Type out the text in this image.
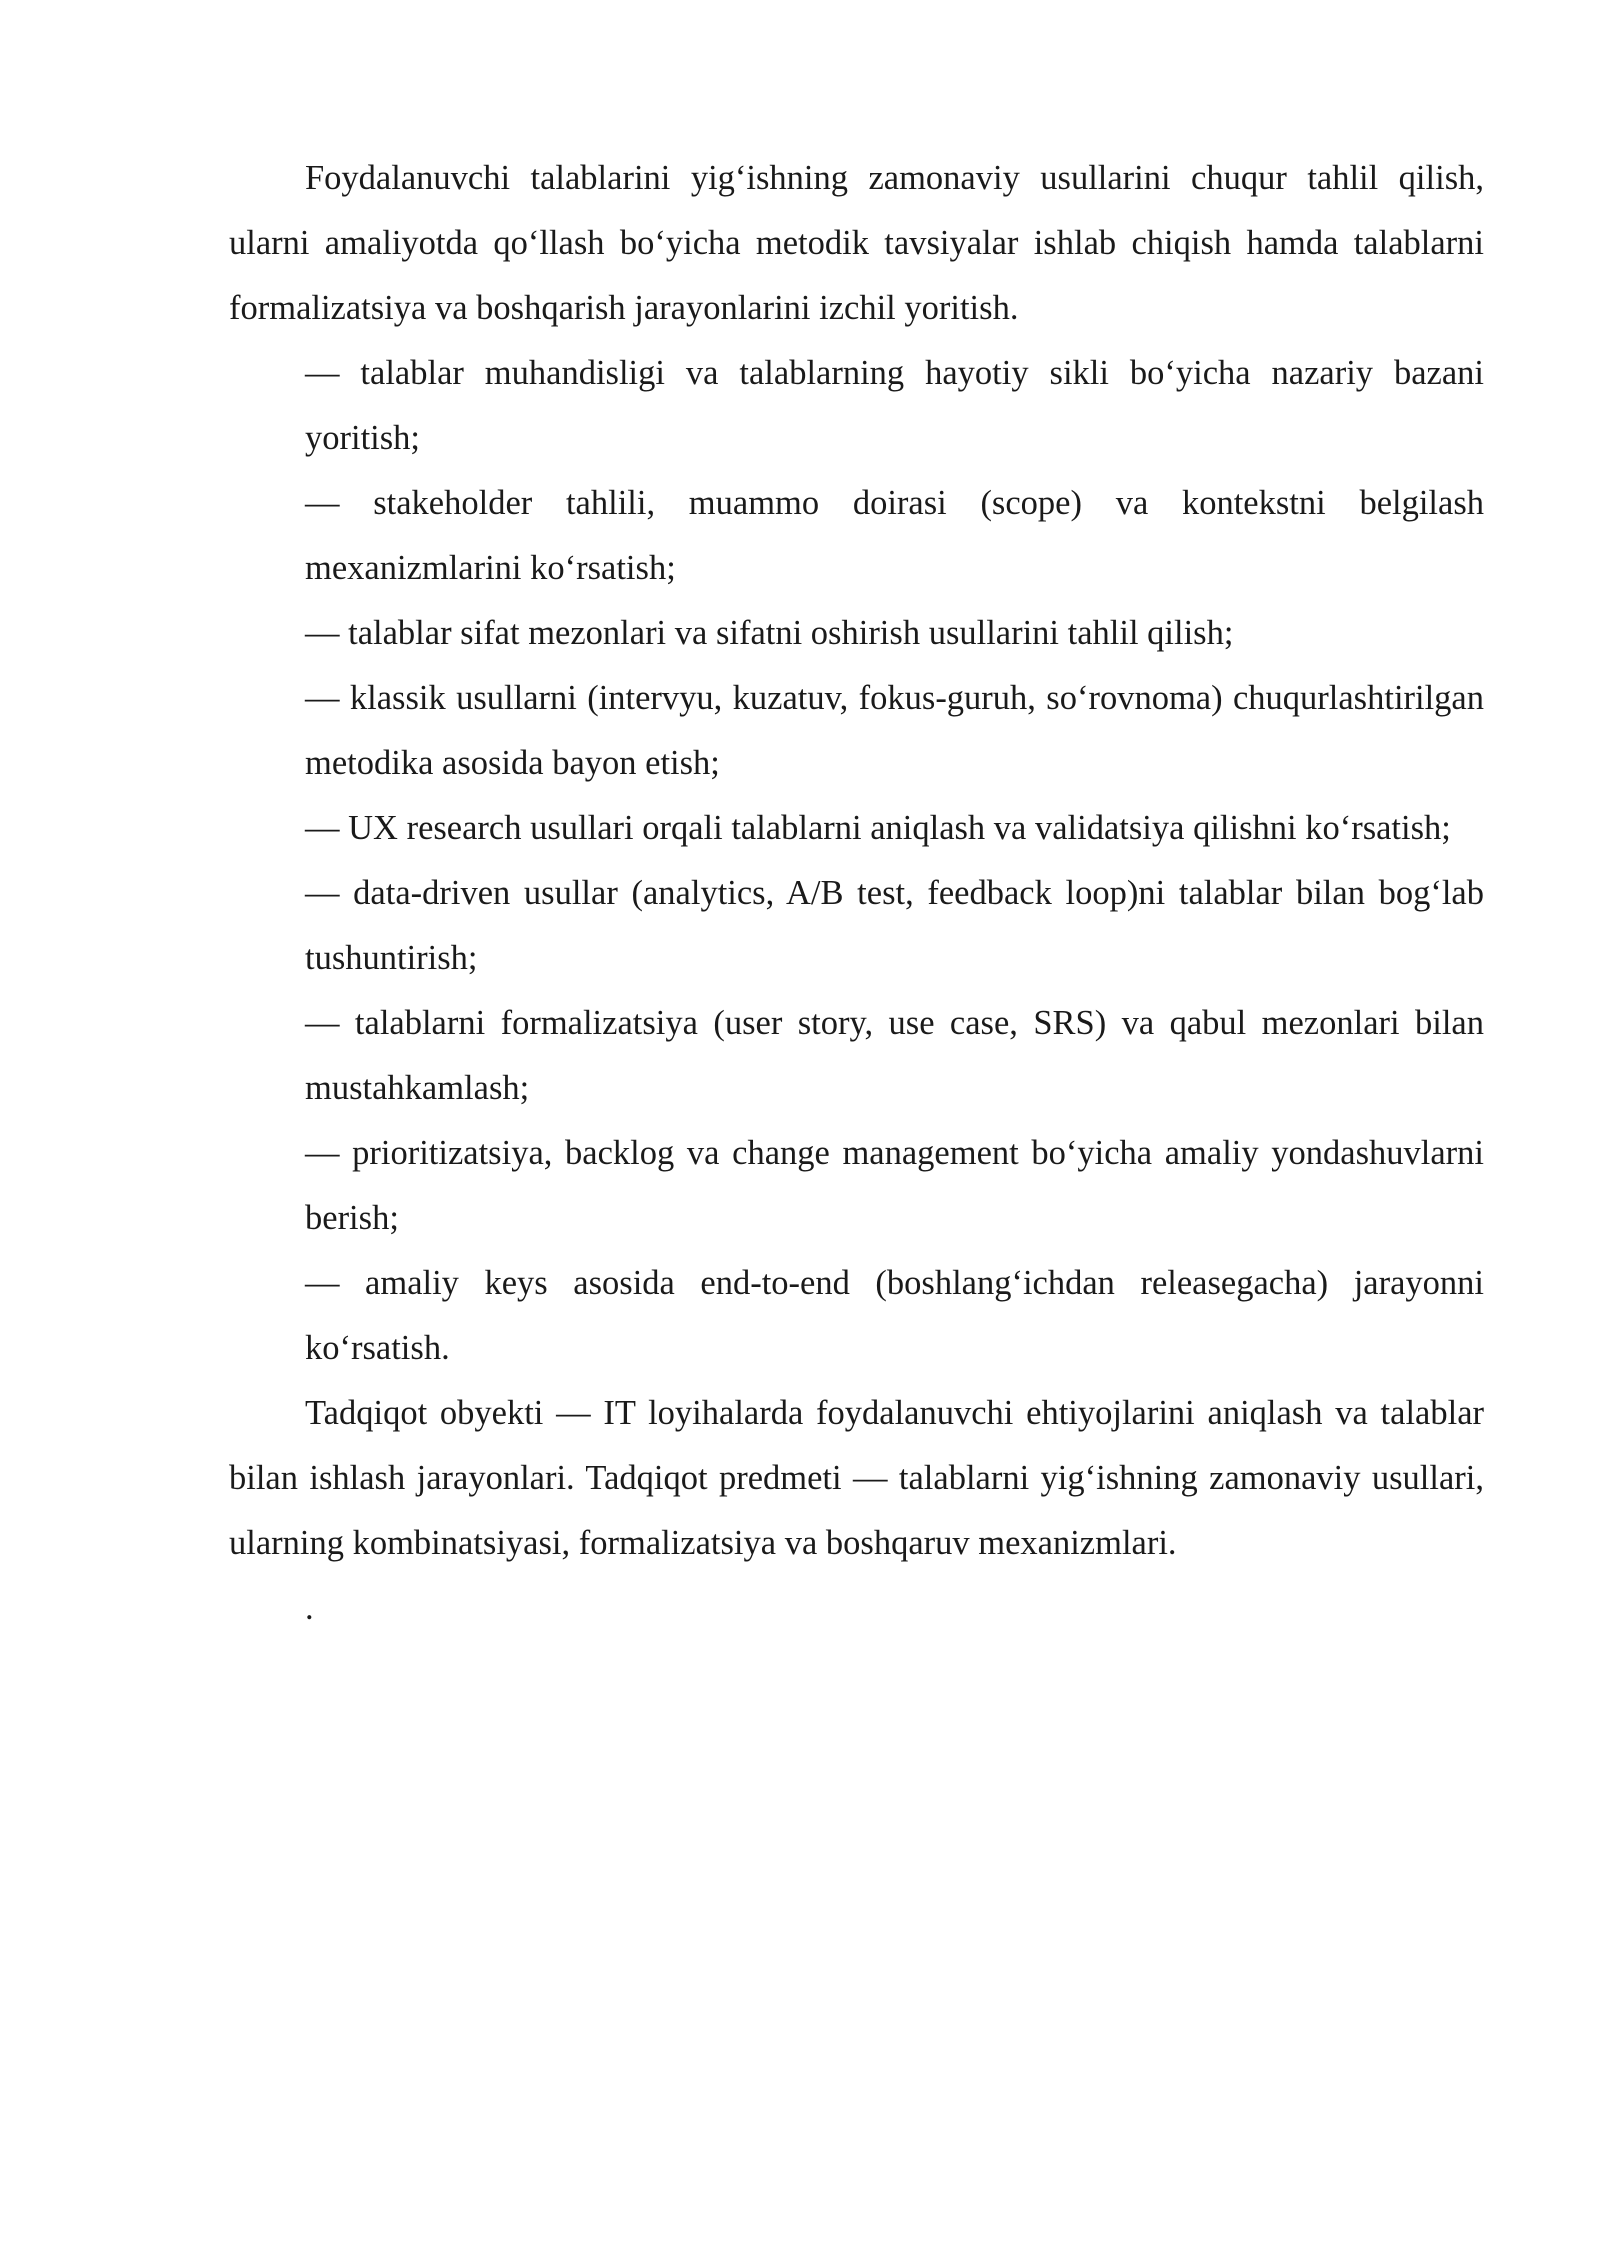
Foydalanuvchi talablarini yig‘ishning zamonaviy usullarini chuqur tahlil qilish, ularni amaliyotda qo‘llash bo‘yicha metodik tavsiyalar ishlab chiqish hamda talablarni formalizatsiya va boshqarish jarayonlarini izchil yoritish.

— talablar muhandisligi va talablarning hayotiy sikli bo‘yicha nazariy bazani yoritish;

— stakeholder tahlili, muammo doirasi (scope) va kontekstni belgilash mexanizmlarini ko‘rsatish;

— talablar sifat mezonlari va sifatni oshirish usullarini tahlil qilish;

— klassik usullarni (intervyu, kuzatuv, fokus-guruh, so‘rovnoma) chuqurlashtirilgan metodika asosida bayon etish;

— UX research usullari orqali talablarni aniqlash va validatsiya qilishni ko‘rsatish;

— data-driven usullar (analytics, A/B test, feedback loop)ni talablar bilan bog‘lab tushuntirish;

— talablarni formalizatsiya (user story, use case, SRS) va qabul mezonlari bilan mustahkamlash;

— prioritizatsiya, backlog va change management bo‘yicha amaliy yondashuvlarni berish;

— amaliy keys asosida end-to-end (boshlang‘ichdan releasegacha) jarayonni ko‘rsatish.

Tadqiqot obyekti — IT loyihalarda foydalanuvchi ehtiyojlarini aniqlash va talablar bilan ishlash jarayonlari. Tadqiqot predmeti — talablarni yig‘ishning zamonaviy usullari, ularning kombinatsiyasi, formalizatsiya va boshqaruv mexanizmlari.

.
